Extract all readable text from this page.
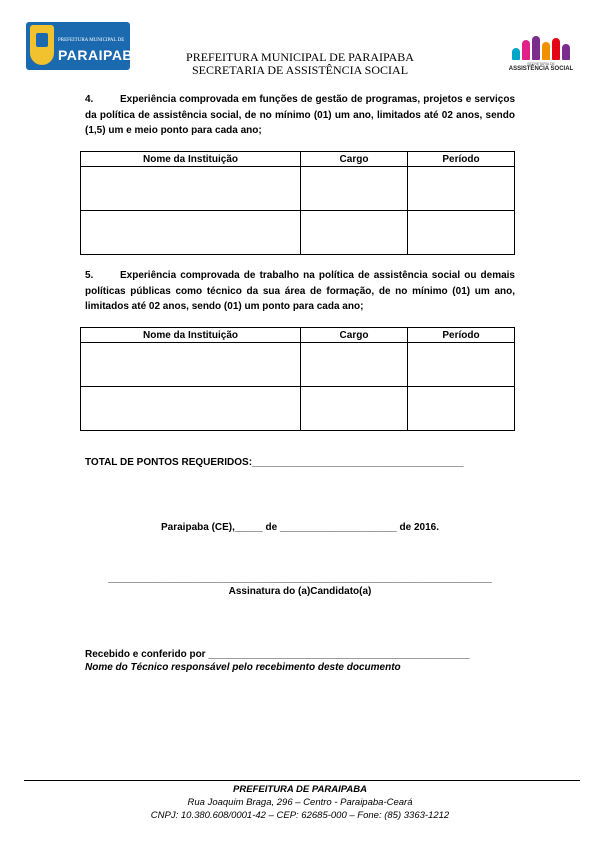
PREFEITURA MUNICIPAL DE
PARAIPABA	PREFEITURA MUNICIPAL DE PARAIPABA
SECRETARIA DE ASSISTÊNCIA SOCIAL	SECRETARIA DE
ASSISTÊNCIA SOCIAL
4.	Experiência comprovada em funções de gestão de programas, projetos e serviços da política de assistência social, de no mínimo (01) um ano, limitados até 02 anos, sendo (1,5) um e meio ponto para cada ano;
Nome da Instituição	Cargo	Período

5.	Experiência comprovada de trabalho na política de assistência social ou demais políticas públicas como técnico da sua área de formação, de no mínimo (01) um ano, limitados até 02 anos, sendo (01) um ponto para cada ano;
Nome da Instituição	Cargo	Período

TOTAL DE PONTOS REQUERIDOS:______________________________________
Paraipaba (CE),_____ de _____________________ de 2016.
_____________________________________________________________________
Assinatura do (a)Candidato(a)
Recebido e conferido por _______________________________________________
Nome do Técnico responsável pelo recebimento deste documento
PREFEITURA DE PARAIPABA
Rua Joaquim Braga, 296 – Centro - Paraipaba-Ceará
CNPJ: 10.380.608/0001-42 – CEP: 62685-000 – Fone: (85) 3363-1212
